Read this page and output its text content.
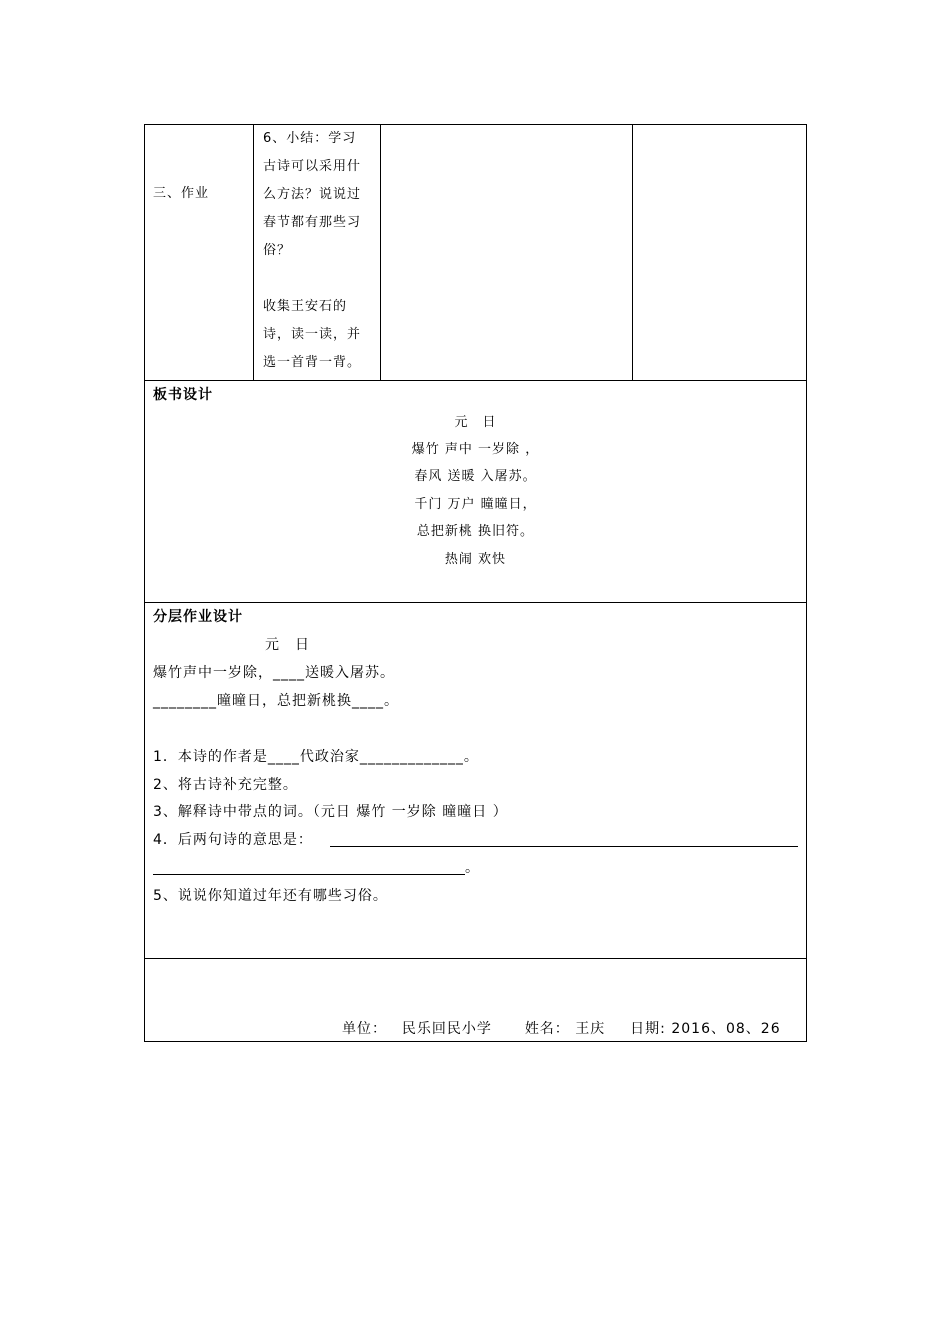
三、作业
6、小结：学习
古诗可以采用什
么方法？说说过
春节都有那些习
俗？
收集王安石的
诗，读一读，并
选一首背一背。
板书设计
元　日
爆竹 声中 一岁除 ，
春风 送暖 入屠苏。
千门 万户 曈曈日，
总把新桃 换旧符。
热闹 欢快
分层作业设计
元　日
爆竹声中一岁除，____送暖入屠苏。
________曈曈日，总把新桃换____。
1．本诗的作者是____代政治家_____________。
2、将古诗补充完整。
3、解释诗中带点的词。（元日 爆竹 一岁除 曈曈日 ）
4．后两句诗的意思是：
。
5、说说你知道过年还有哪些习俗。
单位： 民乐回民小学 姓名： 王庆 日期: 2016、08、26
